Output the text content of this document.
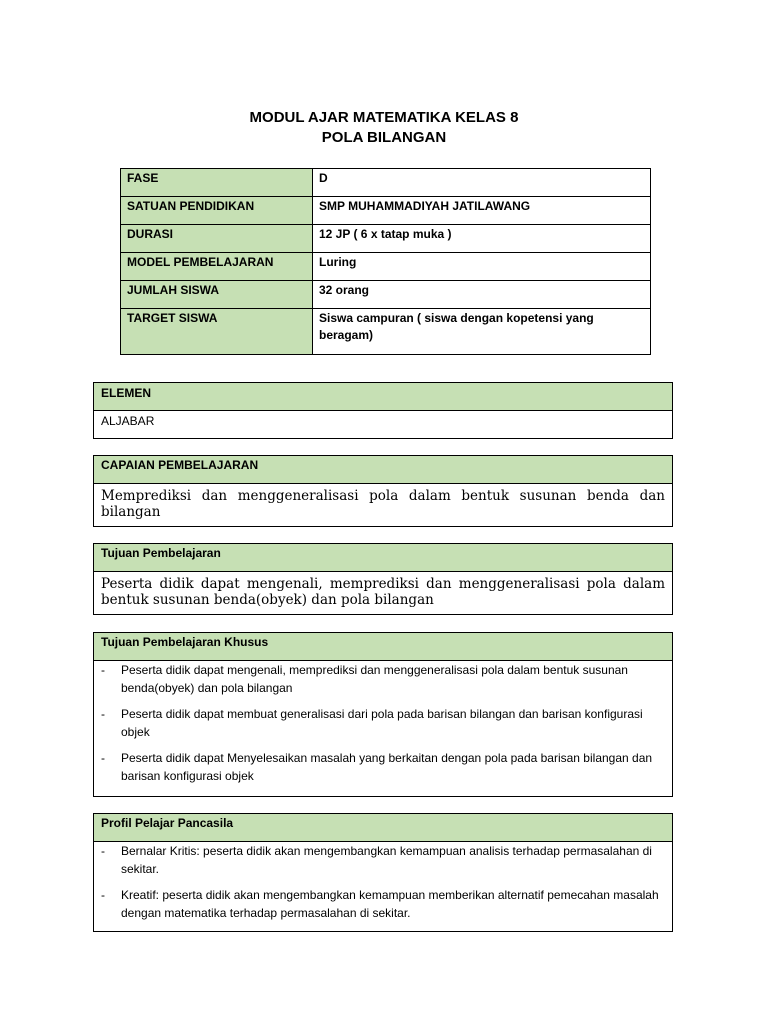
MODUL AJAR MATEMATIKA KELAS 8
POLA BILANGAN
FASE	D
SATUAN PENDIDIKAN	SMP MUHAMMADIYAH JATILAWANG
DURASI	12 JP ( 6 x tatap muka )
MODEL PEMBELAJARAN	Luring
JUMLAH SISWA	32 orang
TARGET SISWA	Siswa campuran ( siswa dengan kopetensi yang beragam)
ELEMEN
ALJABAR
CAPAIAN PEMBELAJARAN
Memprediksi dan menggeneralisasi pola dalam bentuk susunan benda dan bilangan
Tujuan Pembelajaran
Peserta didik dapat mengenali, memprediksi dan menggeneralisasi pola dalam bentuk susunan benda(obyek) dan pola bilangan
Tujuan Pembelajaran Khusus
- Peserta didik dapat mengenali, memprediksi dan menggeneralisasi pola dalam bentuk susunan benda(obyek) dan pola bilangan
- Peserta didik dapat membuat generalisasi dari pola pada barisan bilangan dan barisan konfigurasi objek
- Peserta didik dapat Menyelesaikan masalah yang berkaitan dengan pola pada barisan bilangan dan barisan konfigurasi objek
Profil Pelajar Pancasila
- Bernalar Kritis: peserta didik akan mengembangkan kemampuan analisis terhadap permasalahan di sekitar.
- Kreatif: peserta didik akan mengembangkan kemampuan memberikan alternatif pemecahan masalah dengan matematika terhadap permasalahan di sekitar.
